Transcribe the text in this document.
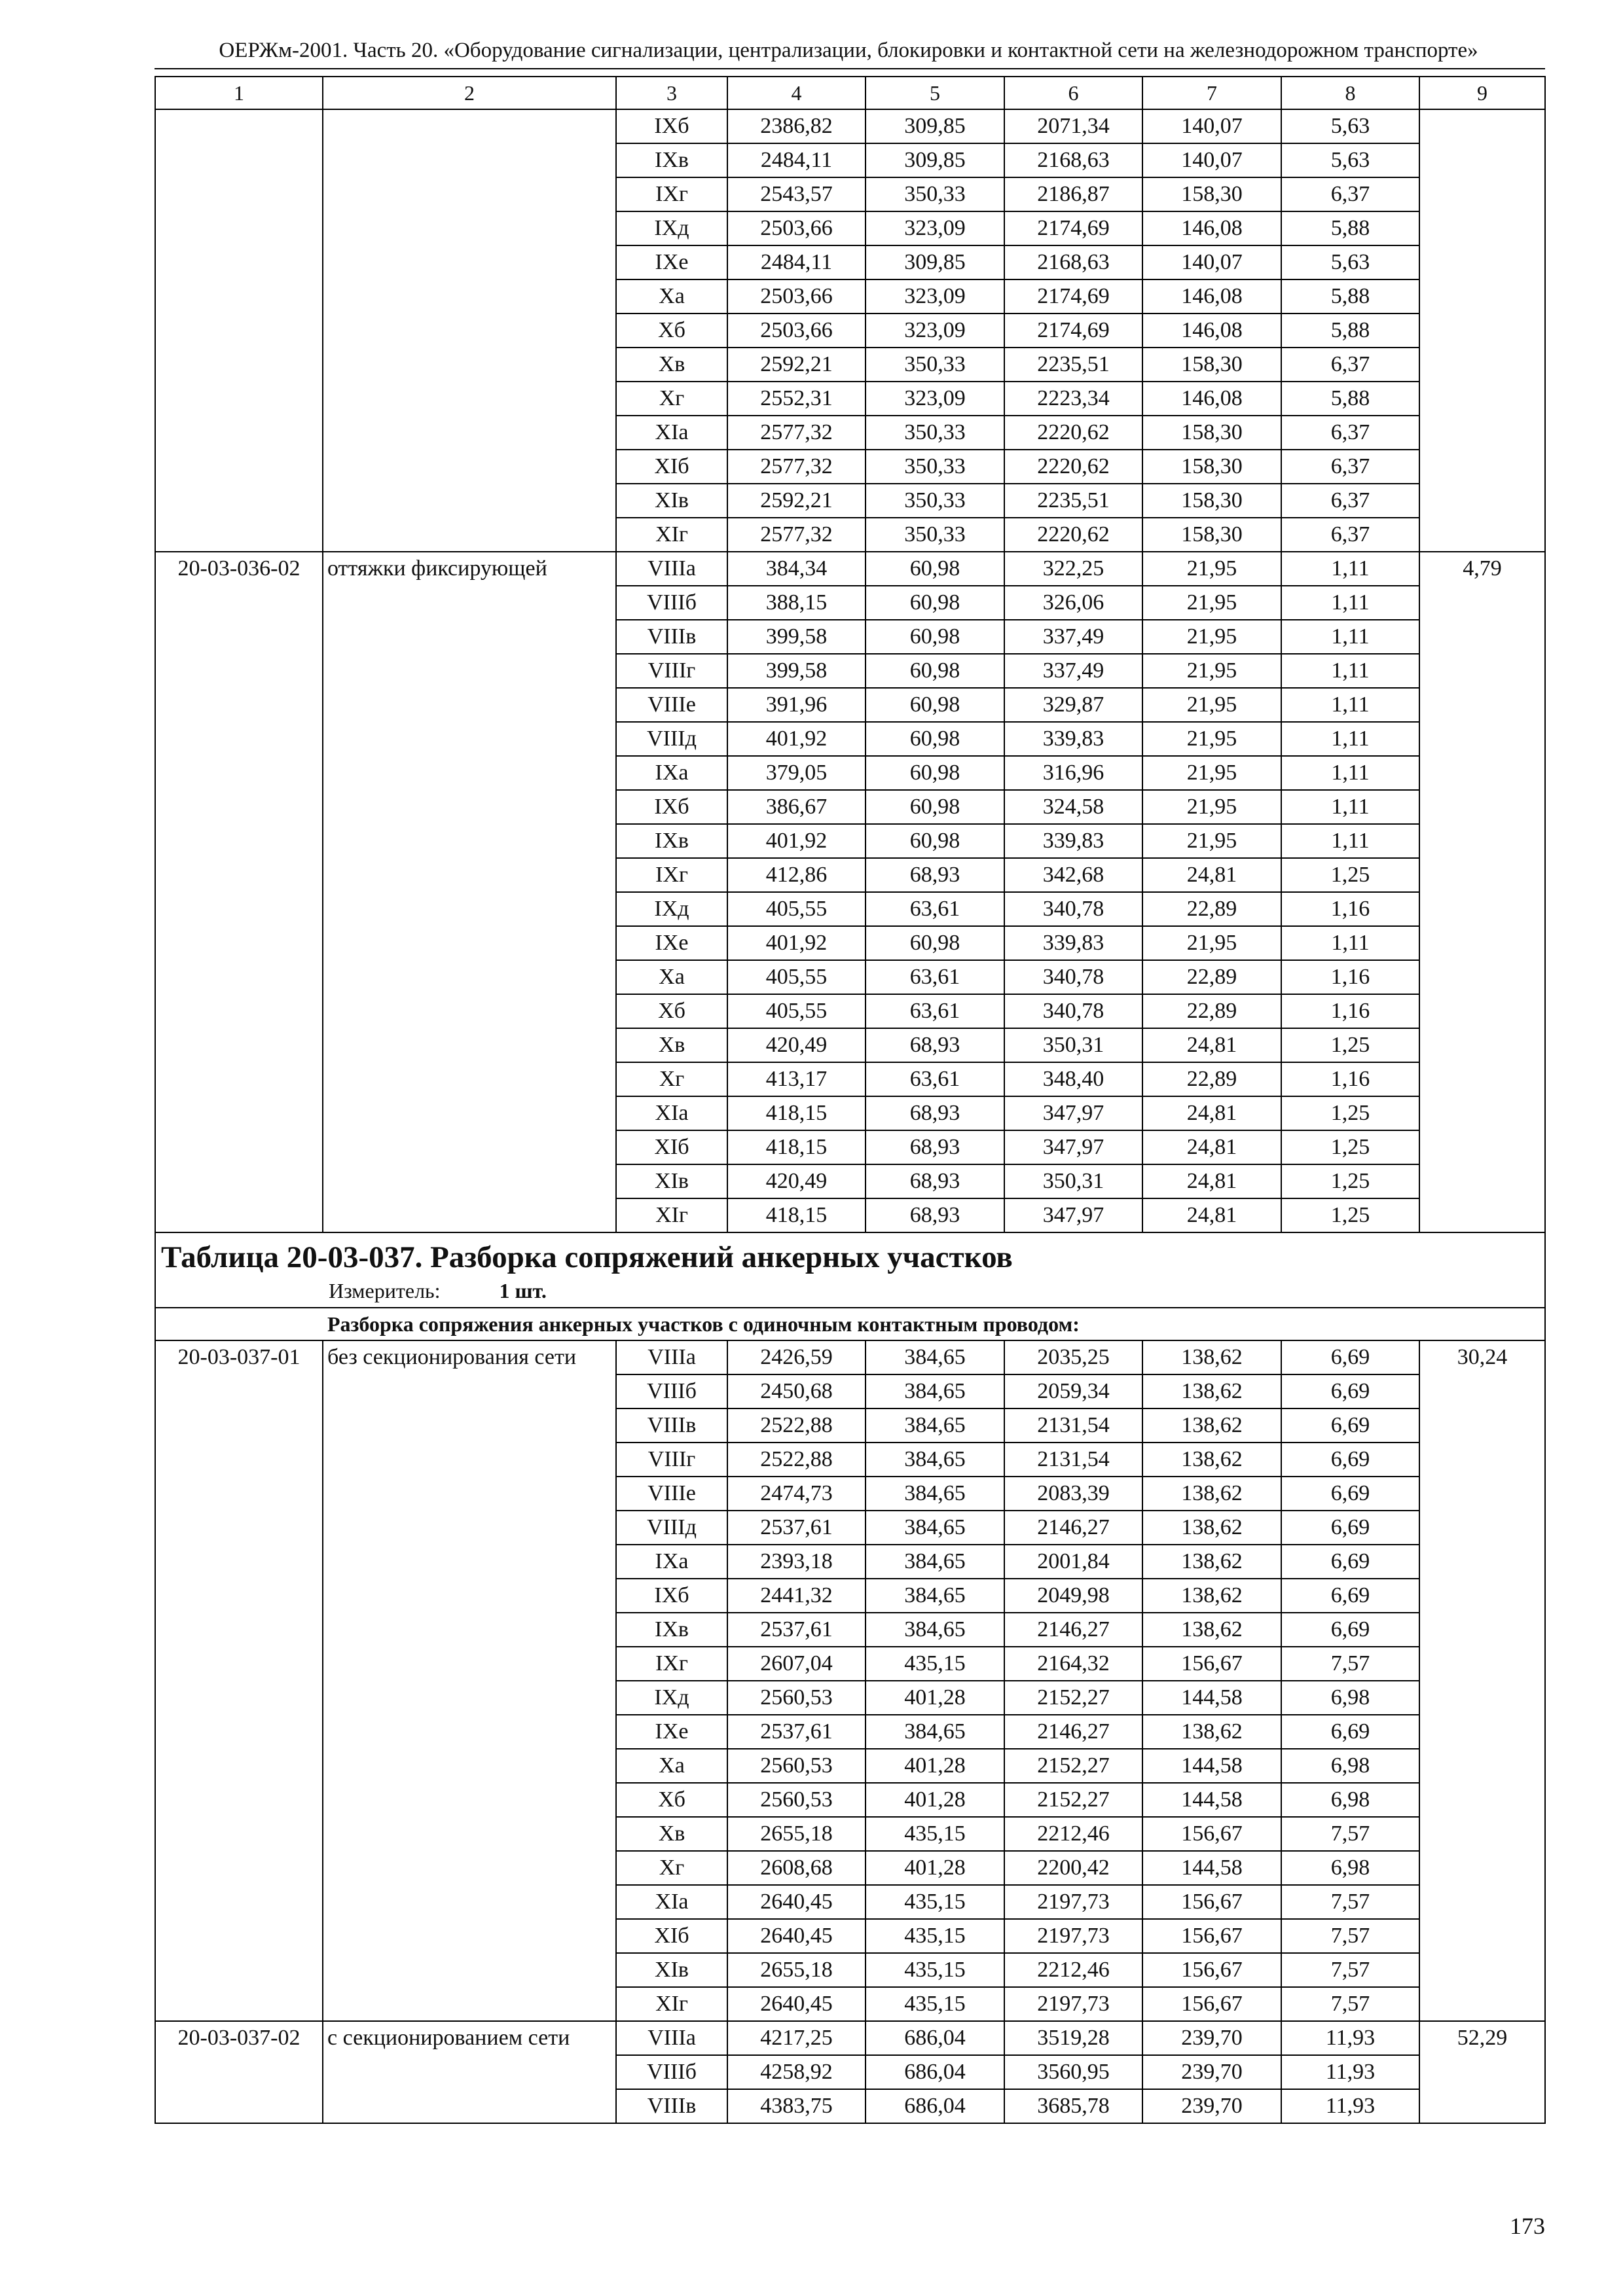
ОЕРЖм-2001. Часть 20. «Оборудование сигнализации, централизации, блокировки и контактной сети на железнодорожном транспорте»
1	2	3	4	5	6	7	8	9
		IXб	2386,82	309,85	2071,34	140,07	5,63	
		IXв	2484,11	309,85	2168,63	140,07	5,63	
		IXг	2543,57	350,33	2186,87	158,30	6,37	
		IXд	2503,66	323,09	2174,69	146,08	5,88	
		IXe	2484,11	309,85	2168,63	140,07	5,63	
		Xa	2503,66	323,09	2174,69	146,08	5,88	
		Xб	2503,66	323,09	2174,69	146,08	5,88	
		Xв	2592,21	350,33	2235,51	158,30	6,37	
		Xг	2552,31	323,09	2223,34	146,08	5,88	
		XIa	2577,32	350,33	2220,62	158,30	6,37	
		XIб	2577,32	350,33	2220,62	158,30	6,37	
		XIв	2592,21	350,33	2235,51	158,30	6,37	
		XIг	2577,32	350,33	2220,62	158,30	6,37	
20-03-036-02	оттяжки фиксирующей	VIIIa	384,34	60,98	322,25	21,95	1,11	4,79
		VIIIб	388,15	60,98	326,06	21,95	1,11	
		VIIIв	399,58	60,98	337,49	21,95	1,11	
		VIIIг	399,58	60,98	337,49	21,95	1,11	
		VIIIe	391,96	60,98	329,87	21,95	1,11	
		VIIIд	401,92	60,98	339,83	21,95	1,11	
		IXa	379,05	60,98	316,96	21,95	1,11	
		IXб	386,67	60,98	324,58	21,95	1,11	
		IXв	401,92	60,98	339,83	21,95	1,11	
		IXг	412,86	68,93	342,68	24,81	1,25	
		IXд	405,55	63,61	340,78	22,89	1,16	
		IXe	401,92	60,98	339,83	21,95	1,11	
		Xa	405,55	63,61	340,78	22,89	1,16	
		Xб	405,55	63,61	340,78	22,89	1,16	
		Xв	420,49	68,93	350,31	24,81	1,25	
		Xг	413,17	63,61	348,40	22,89	1,16	
		XIa	418,15	68,93	347,97	24,81	1,25	
		XIб	418,15	68,93	347,97	24,81	1,25	
		XIв	420,49	68,93	350,31	24,81	1,25	
		XIг	418,15	68,93	347,97	24,81	1,25	

Таблица 20-03-037. Разборка сопряжений анкерных участков
Измеритель: 1 шт.								

Разборка сопряжения анкерных участков с одиночным контактным проводом:								
20-03-037-01	без секционирования сети	VIIIa	2426,59	384,65	2035,25	138,62	6,69	30,24
		VIIIб	2450,68	384,65	2059,34	138,62	6,69	
		VIIIв	2522,88	384,65	2131,54	138,62	6,69	
		VIIIг	2522,88	384,65	2131,54	138,62	6,69	
		VIIIe	2474,73	384,65	2083,39	138,62	6,69	
		VIIIд	2537,61	384,65	2146,27	138,62	6,69	
		IXa	2393,18	384,65	2001,84	138,62	6,69	
		IXб	2441,32	384,65	2049,98	138,62	6,69	
		IXв	2537,61	384,65	2146,27	138,62	6,69	
		IXг	2607,04	435,15	2164,32	156,67	7,57	
		IXд	2560,53	401,28	2152,27	144,58	6,98	
		IXe	2537,61	384,65	2146,27	138,62	6,69	
		Xa	2560,53	401,28	2152,27	144,58	6,98	
		Xб	2560,53	401,28	2152,27	144,58	6,98	
		Xв	2655,18	435,15	2212,46	156,67	7,57	
		Xг	2608,68	401,28	2200,42	144,58	6,98	
		XIa	2640,45	435,15	2197,73	156,67	7,57	
		XIб	2640,45	435,15	2197,73	156,67	7,57	
		XIв	2655,18	435,15	2212,46	156,67	7,57	
		XIг	2640,45	435,15	2197,73	156,67	7,57	
20-03-037-02	с секционированием сети	VIIIa	4217,25	686,04	3519,28	239,70	11,93	52,29
		VIIIб	4258,92	686,04	3560,95	239,70	11,93	
		VIIIв	4383,75	686,04	3685,78	239,70	11,93	
173
